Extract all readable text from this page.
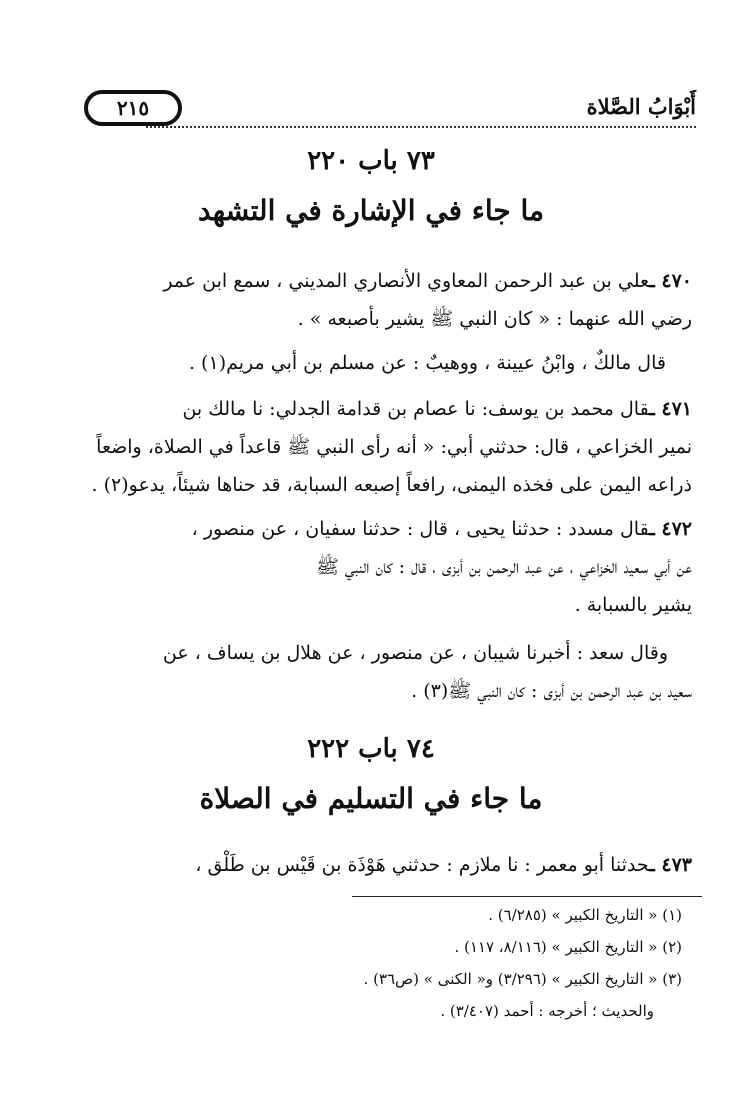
أَبْوَابُ الصَّلاة
٢١٥
٧٣ باب ٢٢٠
ما جاء في الإشارة في التشهد
٤٧٠ ـعلي بن عبد الرحمن المعاوي الأنصاري المديني ، سمع ابن عمر
رضي الله عنهما : « كان النبي ﷺ يشير بأصبعه » .
قال مالكٌ ، وابْنُ عيينة ، ووهيبٌ : عن مسلم بن أبي مريم(١) .
٤٧١ ـقال محمد بن يوسف: نا عصام بن قدامة الجدلي: نا مالك بن
نمير الخزاعي ، قال: حدثني أبي: « أنه رأى النبي ﷺ قاعداً في الصلاة، واضعاً
ذراعه اليمن على فخذه اليمنى، رافعاً إصبعه السبابة، قد حناها شيئاً، يدعو(٢) .
٤٧٢ ـقال مسدد : حدثنا يحيى ، قال : حدثنا سفيان ، عن منصور ،
عن أبي سعيد الخزاعي ، عن عبد الرحمن بن أبزى ، قال : كان النبي ﷺ
يشير بالسبابة .
وقال سعد : أخبرنا شيبان ، عن منصور ، عن هلال بن يساف ، عن
سعيد بن عبد الرحمن بن أبزى : كان النبي ﷺ(٣) .
٧٤ باب ٢٢٢
ما جاء في التسليم في الصلاة
٤٧٣ ـحدثنا أبو معمر : نا ملازم : حدثني هَوْذَة بن قَيْس بن طَلْق ،
(١) « التاريخ الكبير » (٦/٢٨٥) .
(٢) « التاريخ الكبير » (٨/١١٦، ١١٧) .
(٣) « التاريخ الكبير » (٣/٢٩٦) و« الكنى » (ص٣٦) .
والحديث ؛ أخرجه : أحمد (٣/٤٠٧) .
